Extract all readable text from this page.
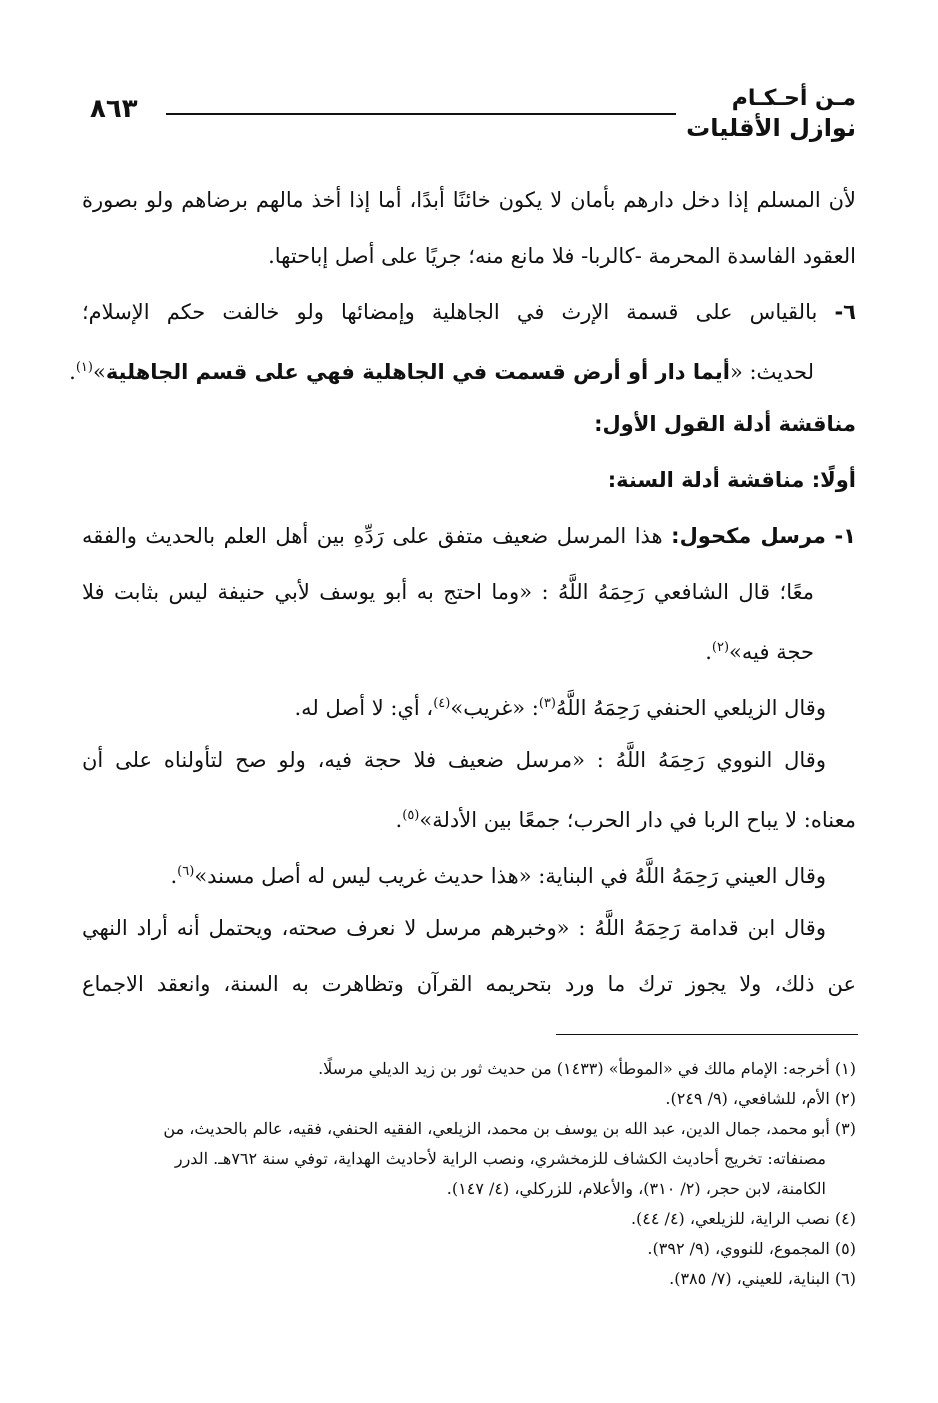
مـن أحـكـام
نوازل الأقليات
٨٦٣
لأن المسلم إذا دخل دارهم بأمان لا يكون خائنًا أبدًا، أما إذا أخذ مالهم برضاهم ولو بصورة
العقود الفاسدة المحرمة -كالربا- فلا مانع منه؛ جريًا على أصل إباحتها.
٦- بالقياس على قسمة الإرث في الجاهلية وإمضائها ولو خالفت حكم الإسلام؛
لحديث: «أيما دار أو أرض قسمت في الجاهلية فهي على قسم الجاهلية»$^{(١)}$.
مناقشة أدلة القول الأول:
أولًا: مناقشة أدلة السنة:
١- مرسل مكحول: هذا المرسل ضعيف متفق على رَدِّهِ بين أهل العلم بالحديث والفقه
معًا؛ قال الشافعي رَحِمَهُ اللَّهُ : «وما احتج به أبو يوسف لأبي حنيفة ليس بثابت فلا
حجة فيه»$^{(٢)}$.
وقال الزيلعي الحنفي رَحِمَهُ اللَّهُ$^{(٣)}$: «غريب»$^{(٤)}$، أي: لا أصل له.
وقال النووي رَحِمَهُ اللَّهُ : «مرسل ضعيف فلا حجة فيه، ولو صح لتأولناه على أن
معناه: لا يباح الربا في دار الحرب؛ جمعًا بين الأدلة»$^{(٥)}$.
وقال العيني رَحِمَهُ اللَّهُ في البناية: «هذا حديث غريب ليس له أصل مسند»$^{(٦)}$.
وقال ابن قدامة رَحِمَهُ اللَّهُ : «وخبرهم مرسل لا نعرف صحته، ويحتمل أنه أراد النهي
عن ذلك، ولا يجوز ترك ما ورد بتحريمه القرآن وتظاهرت به السنة، وانعقد الاجماع
(١) أخرجه: الإمام مالك في «الموطأ» (١٤٣٣) من حديث ثور بن زيد الديلي مرسلًا.
(٢) الأم، للشافعي، (٩/ ٢٤٩).
(٣) أبو محمد، جمال الدين، عبد الله بن يوسف بن محمد، الزيلعي، الفقيه الحنفي، فقيه، عالم بالحديث، من
مصنفاته: تخريج أحاديث الكشاف للزمخشري، ونصب الراية لأحاديث الهداية، توفي سنة ٧٦٢هـ. الدرر
الكامنة، لابن حجر، (٢/ ٣١٠)، والأعلام، للزركلي، (٤/ ١٤٧).
(٤) نصب الراية، للزيلعي، (٤/ ٤٤).
(٥) المجموع، للنووي، (٩/ ٣٩٢).
(٦) البناية، للعيني، (٧/ ٣٨٥).
